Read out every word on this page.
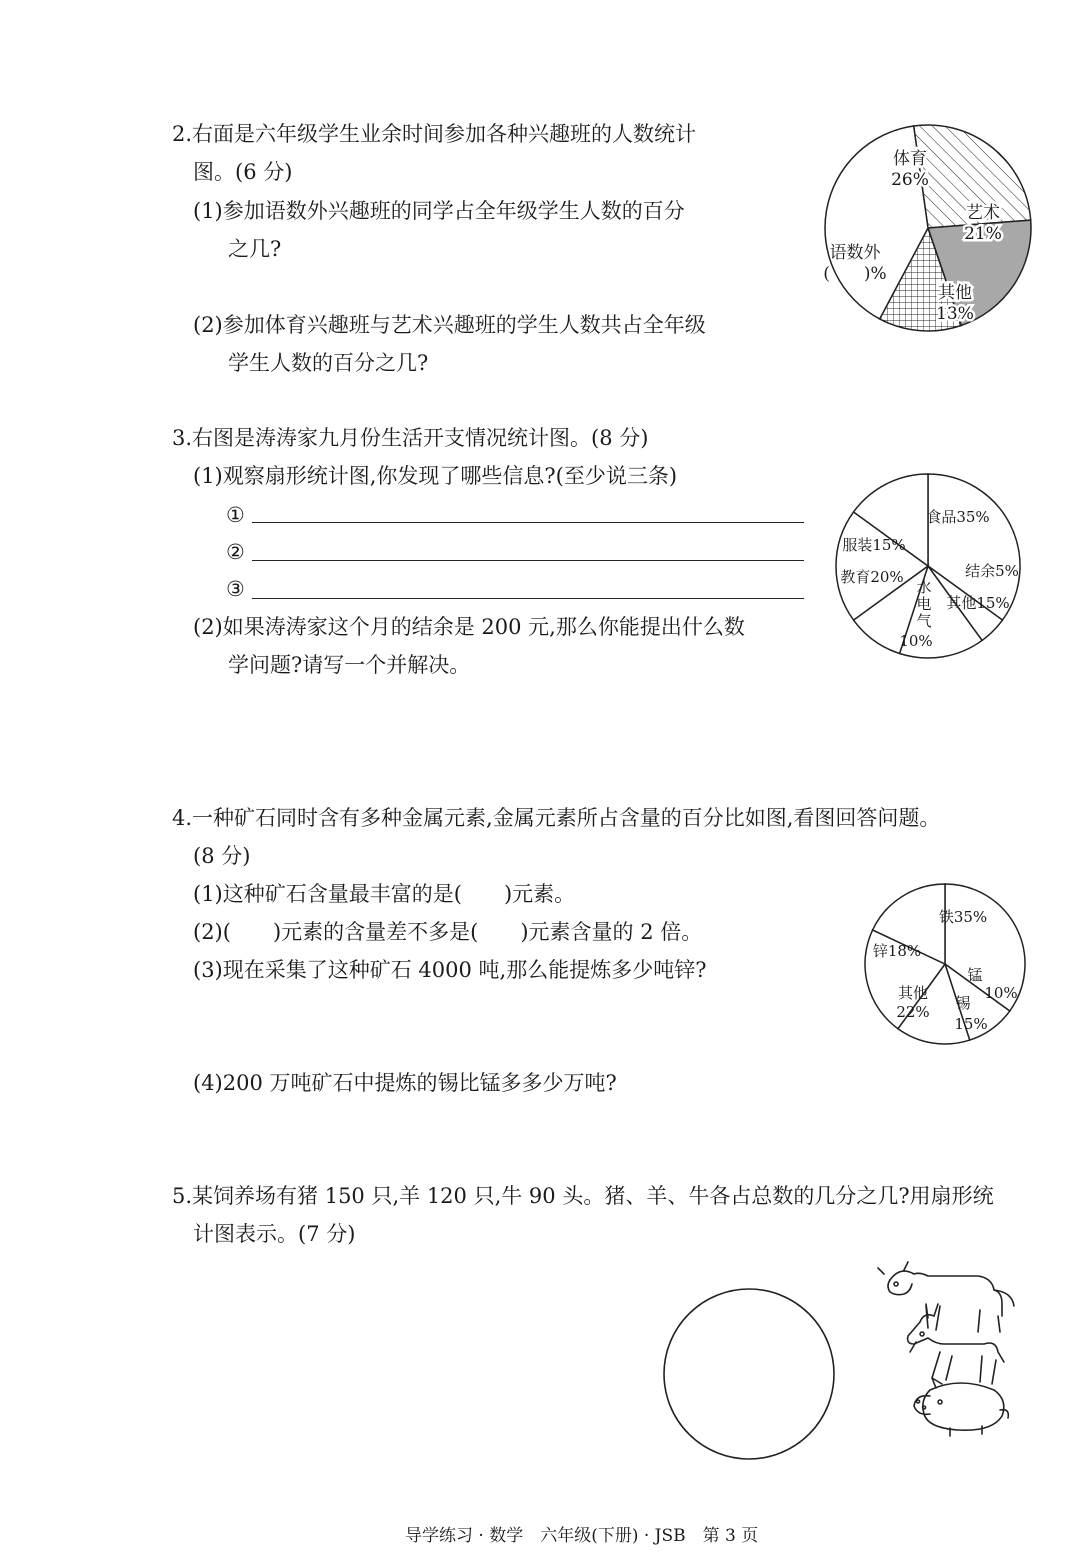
2.右面是六年级学生业余时间参加各种兴趣班的人数统计
图。(6 分)
(1)参加语数外兴趣班的同学占全年级学生人数的百分
之几?
(2)参加体育兴趣班与艺术兴趣班的学生人数共占全年级
学生人数的百分之几?
体育
26%
艺术
21%
其他
13%
语数外
(　　)%
3.右图是涛涛家九月份生活开支情况统计图。(8 分)
(1)观察扇形统计图,你发现了哪些信息?(至少说三条)
①
②
③
(2)如果涛涛家这个月的结余是 200 元,那么你能提出什么数
学问题?请写一个并解决。
食品35%
结余5%
其他15%
水
电
气
10%
教育20%
服装15%
4.一种矿石同时含有多种金属元素,金属元素所占含量的百分比如图,看图回答问题。
(8 分)
(1)这种矿石含量最丰富的是(　　)元素。
(2)(　　)元素的含量差不多是(　　)元素含量的 2 倍。
(3)现在采集了这种矿石 4000 吨,那么能提炼多少吨锌?
(4)200 万吨矿石中提炼的锡比锰多多少万吨?
铁35%
锰
10%
锡
15%
其他
22%
锌18%
5.某饲养场有猪 150 只,羊 120 只,牛 90 头。猪、羊、牛各占总数的几分之几?用扇形统
计图表示。(7 分)
导学练习 · 数学　六年级(下册) · JSB　第 3 页
